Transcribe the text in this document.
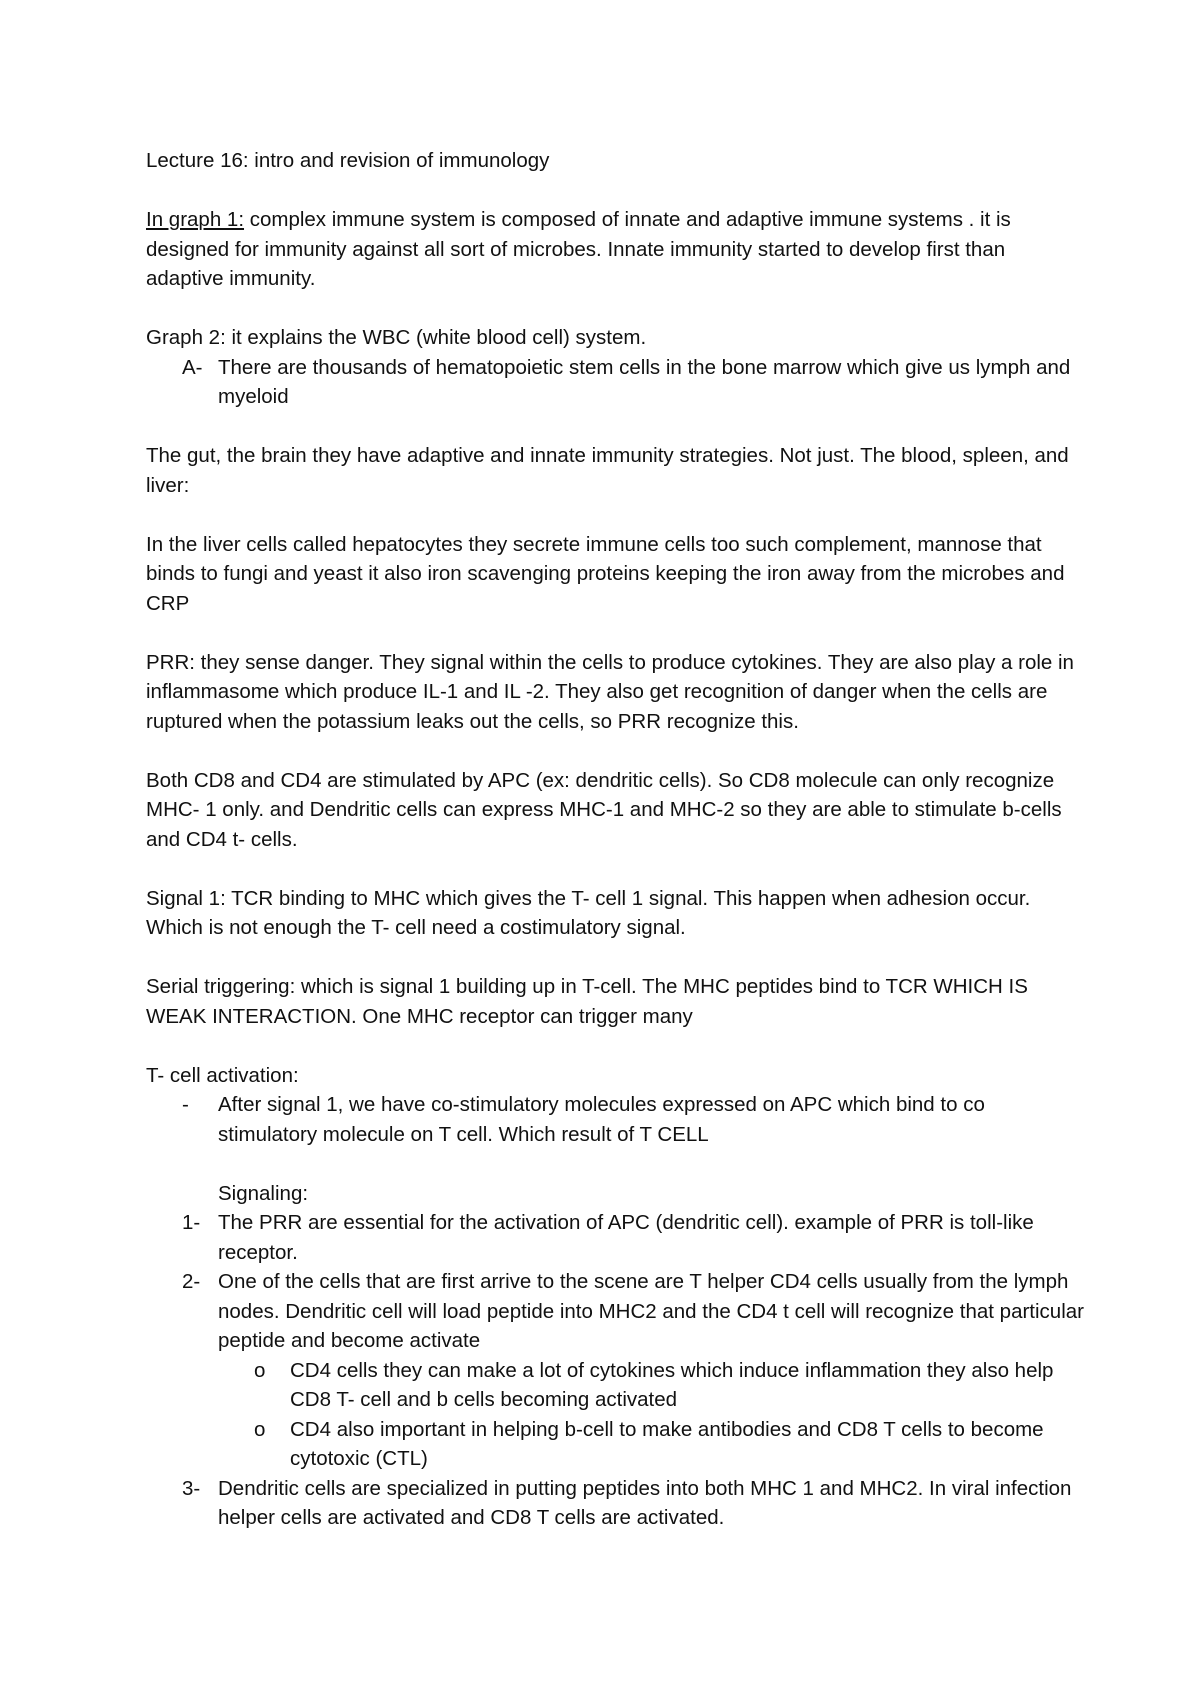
Lecture 16: intro and revision of immunology

In graph 1: complex immune system is composed of innate and adaptive immune systems . it is designed for immunity against all sort of microbes. Innate immunity started to develop first than adaptive immunity.

Graph 2: it explains the WBC (white blood cell) system.

A- There are thousands of hematopoietic stem cells in the bone marrow which give us lymph and myeloid

The gut, the brain they have adaptive and innate immunity strategies. Not just. The blood, spleen, and liver:

In the liver cells called hepatocytes they secrete immune cells too such complement, mannose that binds to fungi and yeast it also iron scavenging proteins keeping the iron away from the microbes and CRP

PRR: they sense danger. They signal within the cells to produce cytokines. They are also play a role in inflammasome which produce IL-1 and IL -2. They also get recognition of danger when the cells are ruptured when the potassium leaks out the cells, so PRR recognize this.

Both CD8 and CD4 are stimulated by APC (ex: dendritic cells). So CD8 molecule can only recognize MHC- 1 only. and Dendritic cells can express MHC-1 and MHC-2 so they are able to stimulate b-cells and CD4 t- cells.

Signal 1: TCR binding to MHC which gives the T- cell 1 signal. This happen when adhesion occur. Which is not enough the T- cell need a costimulatory signal.

Serial triggering: which is signal 1 building up in T-cell. The MHC peptides bind to TCR WHICH IS WEAK INTERACTION. One MHC receptor can trigger many

T- cell activation:

-	After signal 1, we have co-stimulatory molecules expressed on APC which bind to co stimulatory molecule on T cell. Which result of T CELL

Signaling:

1- The PRR are essential for the activation of APC (dendritic cell). example of PRR is toll-like receptor.
2- One of the cells that are first arrive to the scene are T helper CD4 cells usually from the lymph nodes. Dendritic cell will load peptide into MHC2 and the CD4 t cell will recognize that particular peptide and become activate
o	CD4 cells they can make a lot of cytokines which induce inflammation they also help CD8 T- cell and b cells becoming activated
o	CD4 also important in helping b-cell to make antibodies and CD8 T cells to become cytotoxic (CTL)
3- Dendritic cells are specialized in putting peptides into both MHC 1 and MHC2. In viral infection helper cells are activated and CD8 T cells are activated.
